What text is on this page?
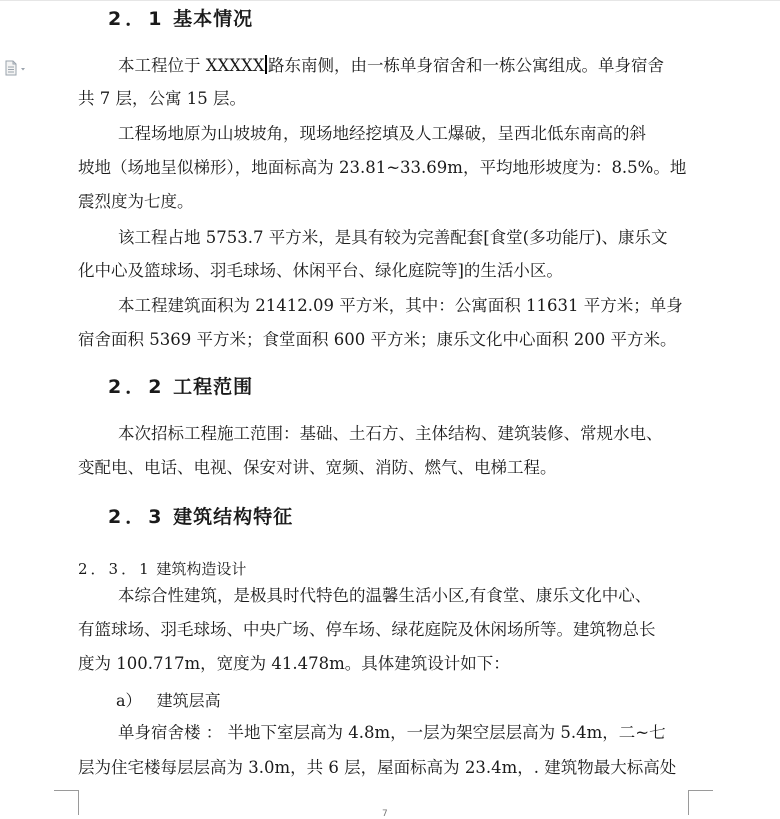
2．1 基本情况
本工程位于 XXXXX 路东南侧，由一栋单身宿舍和一栋公寓组成。单身宿舍
共 7 层，公寓 15 层。
工程场地原为山坡坡角，现场地经挖填及人工爆破，呈西北低东南高的斜
坡地（场地呈似梯形），地面标高为 23.81~33.69m，平均地形坡度为：8.5%。地
震烈度为七度。
该工程占地 5753.7 平方米，是具有较为完善配套[食堂(多功能厅)、康乐文
化中心及篮球场、羽毛球场、休闲平台、绿化庭院等]的生活小区。
本工程建筑面积为 21412.09 平方米，其中：公寓面积 11631 平方米；单身
宿舍面积 5369 平方米；食堂面积 600 平方米；康乐文化中心面积 200 平方米。
2．2 工程范围
本次招标工程施工范围：基础、土石方、主体结构、建筑装修、常规水电、
变配电、电话、电视、保安对讲、宽频、消防、燃气、电梯工程。
2．3 建筑结构特征
2．3．1 建筑构造设计
本综合性建筑，是极具时代特色的温馨生活小区,有食堂、康乐文化中心、
有篮球场、羽毛球场、中央广场、停车场、绿花庭院及休闲场所等。建筑物总长
度为 100.717m，宽度为 41.478m。具体建筑设计如下：
a） 建筑层高
单身宿舍楼 ： 半地下室层高为 4.8m，一层为架空层层高为 5.4m，二~七
层为住宅楼每层层高为 3.0m，共 6 层，屋面标高为 23.4m，. 建筑物最大标高处
7
